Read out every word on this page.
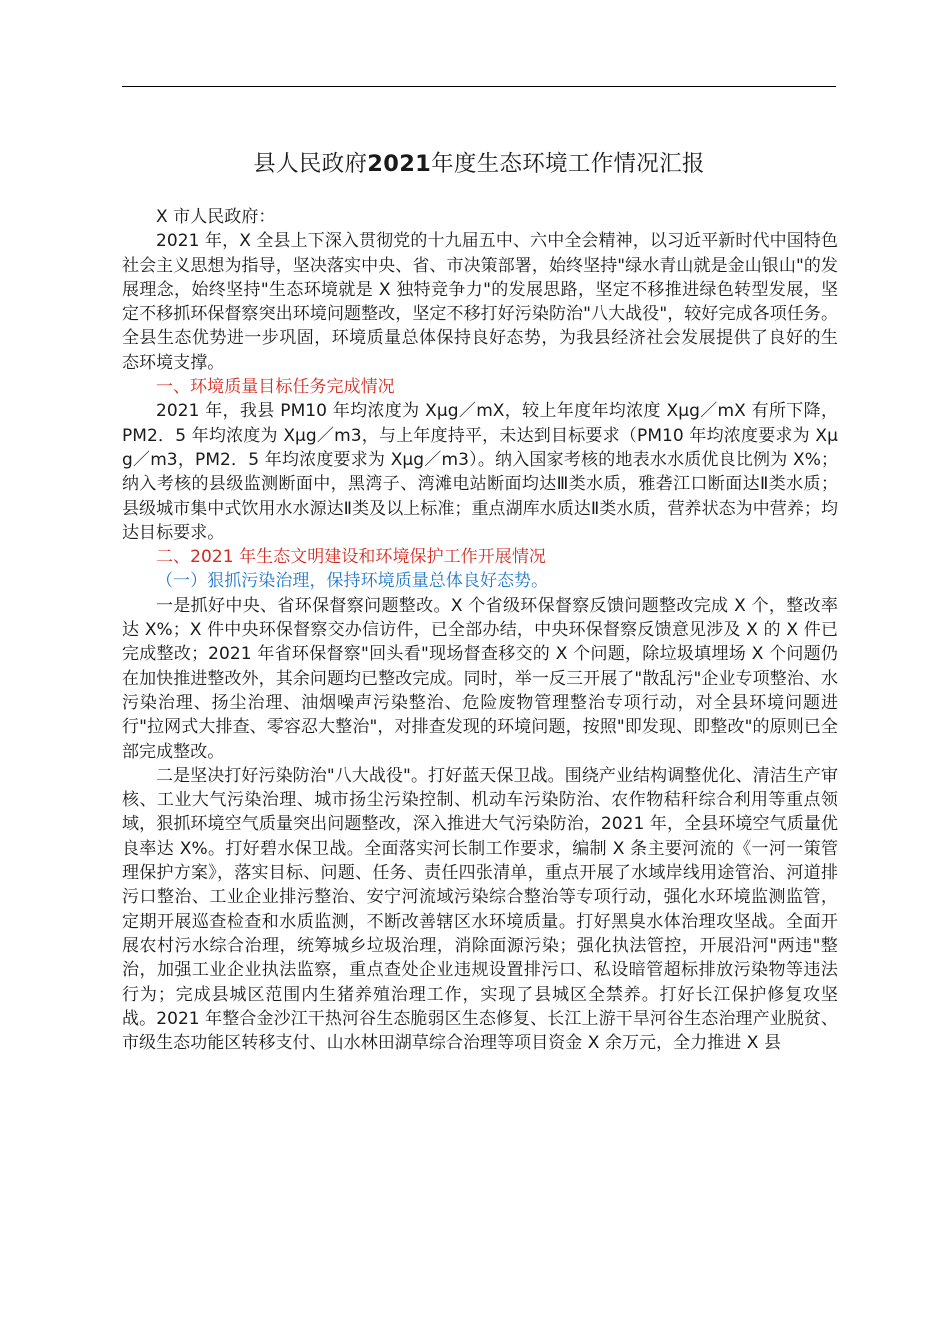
县人民政府2021年度生态环境工作情况汇报

X 市人民政府：

2021 年，X 全县上下深入贯彻党的十九届五中、六中全会精神，以习近平新时代中国特色社会主义思想为指导，坚决落实中央、省、市决策部署，始终坚持"绿水青山就是金山银山"的发展理念，始终坚持"生态环境就是 X 独特竞争力"的发展思路，坚定不移推进绿色转型发展，坚定不移抓环保督察突出环境问题整改，坚定不移打好污染防治"八大战役"，较好完成各项任务。全县生态优势进一步巩固，环境质量总体保持良好态势，为我县经济社会发展提供了良好的生态环境支撑。

一、环境质量目标任务完成情况

2021 年，我县 PM10 年均浓度为 Xμg／mX，较上年度年均浓度 Xμg／mX 有所下降，PM2．5 年均浓度为 Xμg／m3，与上年度持平，未达到目标要求（PM10 年均浓度要求为 Xμg／m3，PM2．5 年均浓度要求为 Xμg／m3）。纳入国家考核的地表水水质优良比例为 X%；纳入考核的县级监测断面中，黑湾子、湾滩电站断面均达Ⅲ类水质，雅砻江口断面达Ⅱ类水质；县级城市集中式饮用水水源达Ⅱ类及以上标准；重点湖库水质达Ⅱ类水质，营养状态为中营养；均达目标要求。

二、2021 年生态文明建设和环境保护工作开展情况

（一）狠抓污染治理，保持环境质量总体良好态势。

一是抓好中央、省环保督察问题整改。X 个省级环保督察反馈问题整改完成 X 个，整改率达 X%；X 件中央环保督察交办信访件，已全部办结，中央环保督察反馈意见涉及 X 的 X 件已完成整改；2021 年省环保督察"回头看"现场督查移交的 X 个问题，除垃圾填埋场 X 个问题仍在加快推进整改外，其余问题均已整改完成。同时，举一反三开展了"散乱污"企业专项整治、水污染治理、扬尘治理、油烟噪声污染整治、危险废物管理整治专项行动，对全县环境问题进行"拉网式大排查、零容忍大整治"，对排查发现的环境问题，按照"即发现、即整改"的原则已全部完成整改。

二是坚决打好污染防治"八大战役"。打好蓝天保卫战。围绕产业结构调整优化、清洁生产审核、工业大气污染治理、城市扬尘污染控制、机动车污染防治、农作物秸秆综合利用等重点领域，狠抓环境空气质量突出问题整改，深入推进大气污染防治，2021 年，全县环境空气质量优良率达 X%。打好碧水保卫战。全面落实河长制工作要求，编制 X 条主要河流的《一河一策管理保护方案》，落实目标、问题、任务、责任四张清单，重点开展了水域岸线用途管治、河道排污口整治、工业企业排污整治、安宁河流域污染综合整治等专项行动，强化水环境监测监管，定期开展巡查检查和水质监测，不断改善辖区水环境质量。打好黑臭水体治理攻坚战。全面开展农村污水综合治理，统筹城乡垃圾治理，消除面源污染；强化执法管控，开展沿河"两违"整治，加强工业企业执法监察，重点查处企业违规设置排污口、私设暗管超标排放污染物等违法行为；完成县城区范围内生猪养殖治理工作，实现了县城区全禁养。打好长江保护修复攻坚战。2021 年整合金沙江干热河谷生态脆弱区生态修复、长江上游干旱河谷生态治理产业脱贫、市级生态功能区转移支付、山水林田湖草综合治理等项目资金 X 余万元，全力推进 X 县
